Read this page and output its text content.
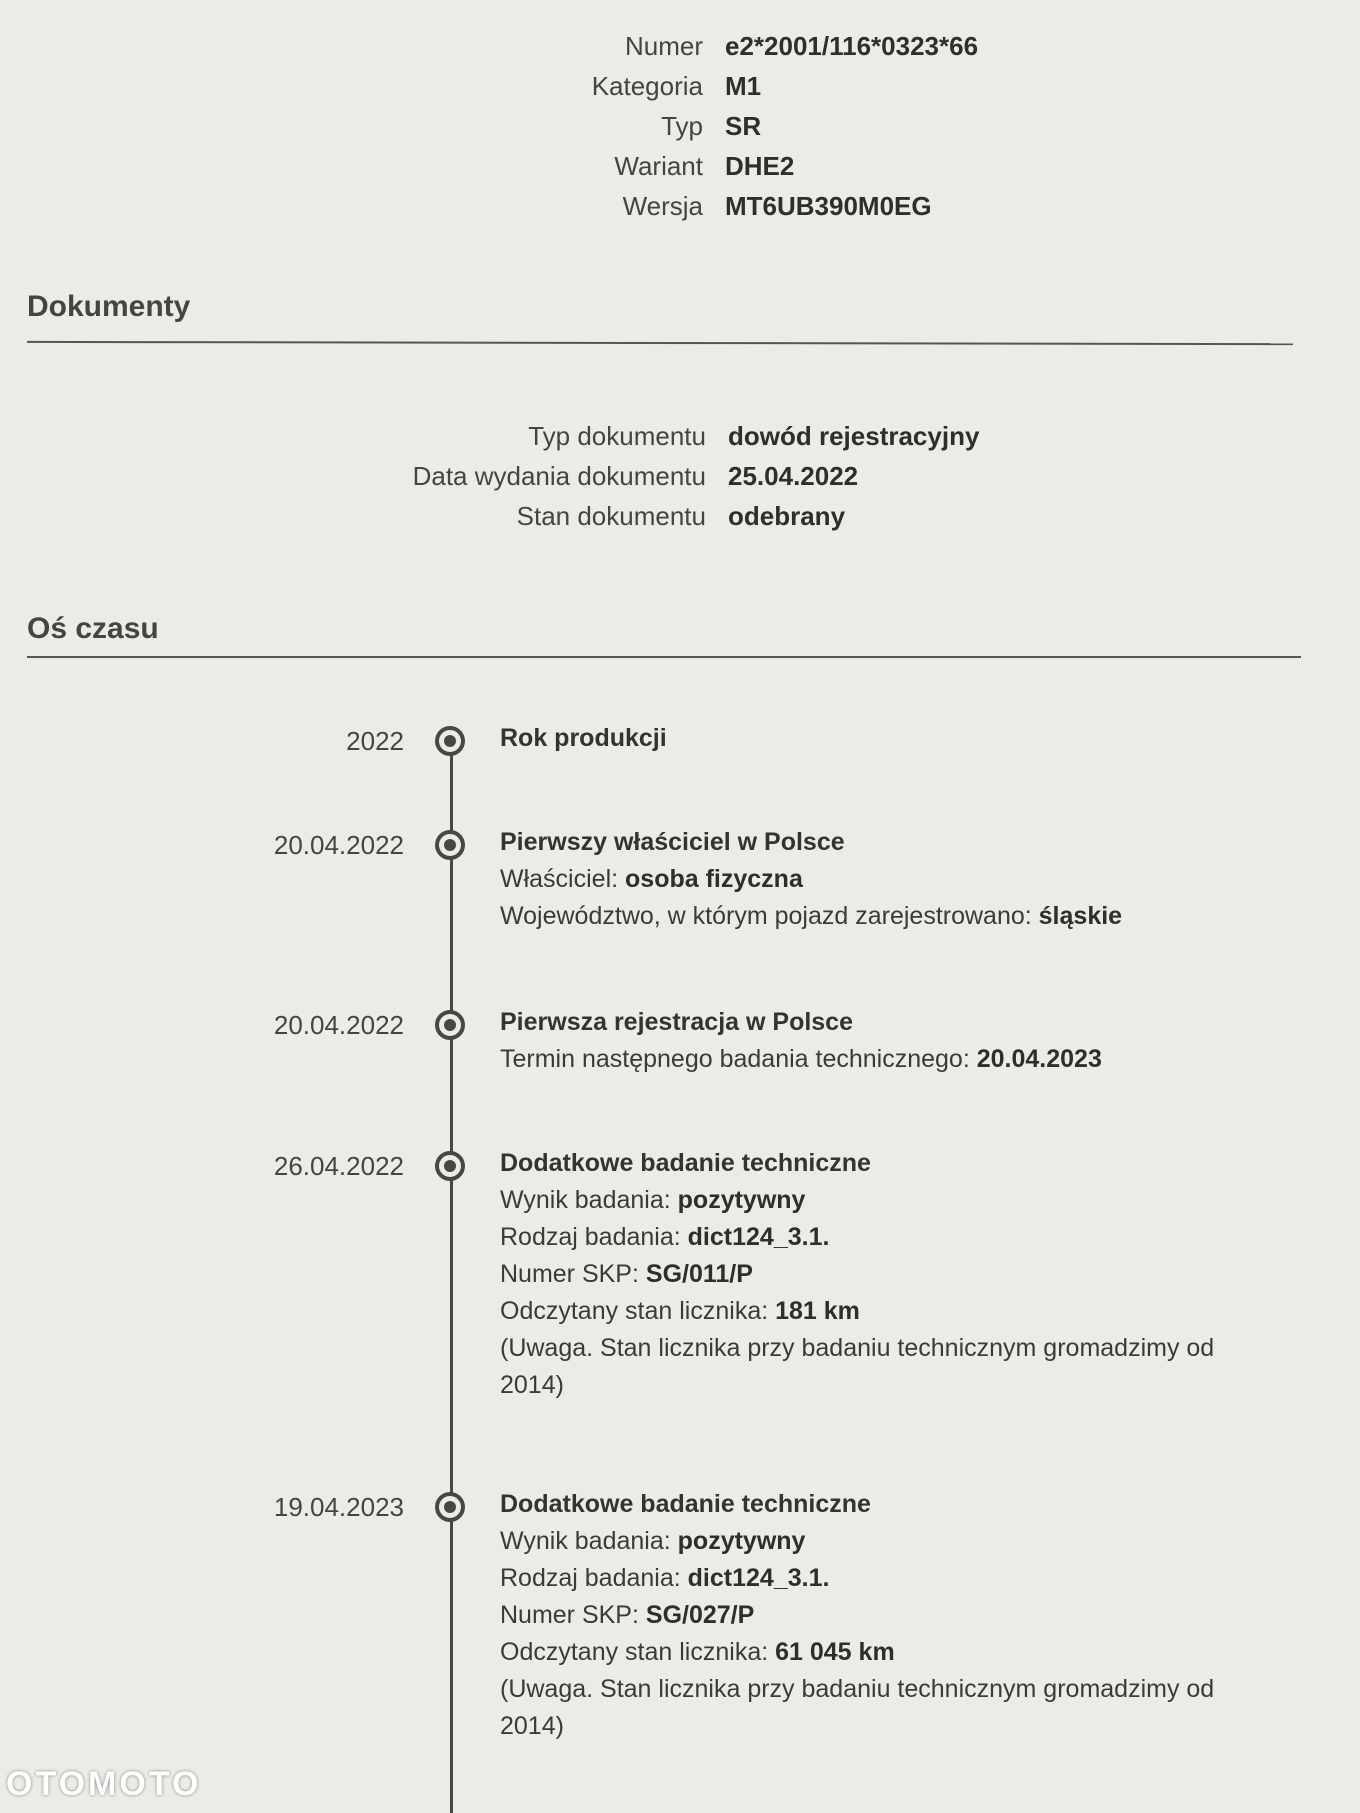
Numer e2*2001/116*0323*66
Kategoria M1
Typ SR
Wariant DHE2
Wersja MT6UB390M0EG
Dokumenty
Typ dokumentu dowód rejestracyjny
Data wydania dokumentu 25.04.2022
Stan dokumentu odebrany
Oś czasu
2022	Rok produkcji
20.04.2022	Pierwszy właściciel w Polsce
Właściciel: osoba fizyczna
Województwo, w którym pojazd zarejestrowano: śląskie
20.04.2022	Pierwsza rejestracja w Polsce
Termin następnego badania technicznego: 20.04.2023
26.04.2022	Dodatkowe badanie techniczne
Wynik badania: pozytywny
Rodzaj badania: dict124_3.1.
Numer SKP: SG/011/P
Odczytany stan licznika: 181 km
(Uwaga. Stan licznika przy badaniu technicznym gromadzimy od 2014)
19.04.2023	Dodatkowe badanie techniczne
Wynik badania: pozytywny
Rodzaj badania: dict124_3.1.
Numer SKP: SG/027/P
Odczytany stan licznika: 61 045 km
(Uwaga. Stan licznika przy badaniu technicznym gromadzimy od 2014)
OTOMOTO
